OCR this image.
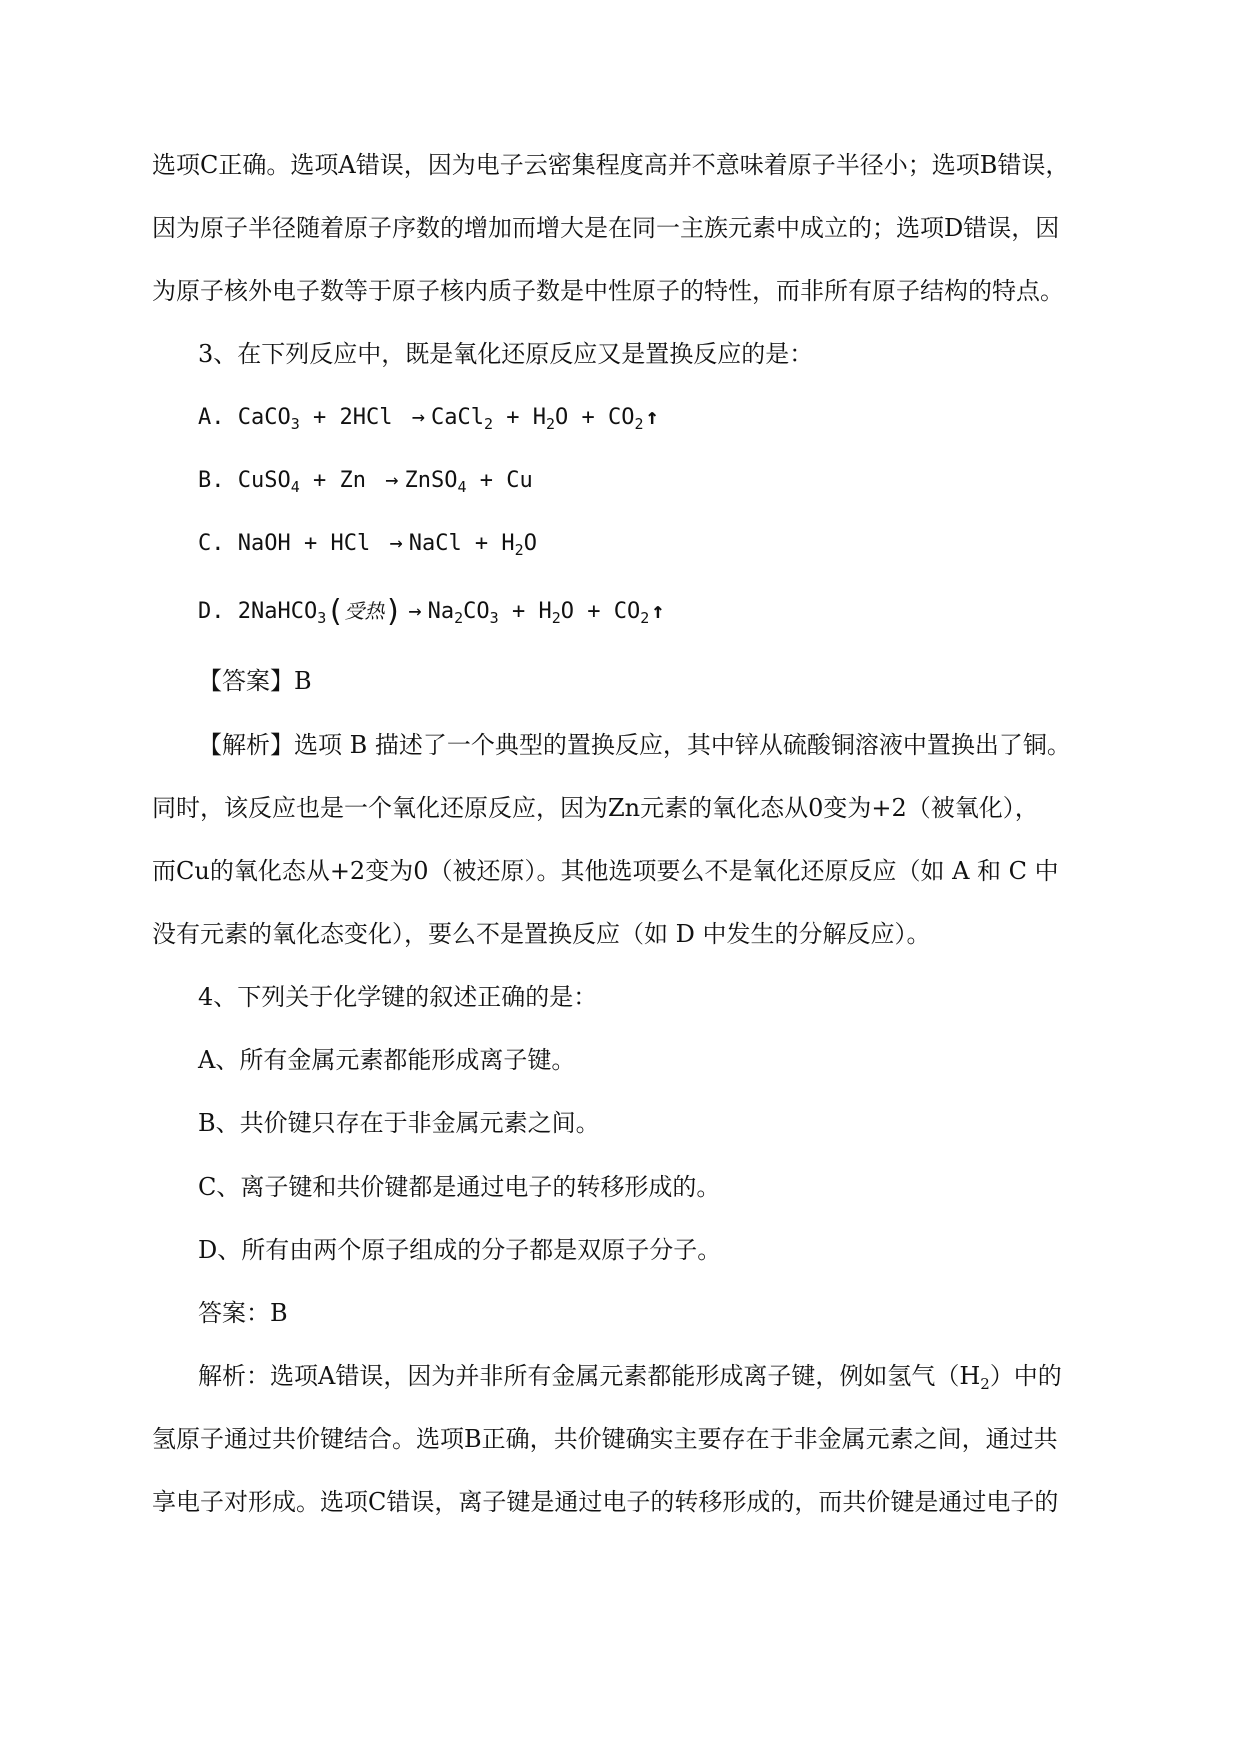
选项C正确。选项A错误，因为电子云密集程度高并不意味着原子半径小；选项B错误，
因为原子半径随着原子序数的增加而增大是在同一主族元素中成立的；选项D错误，因
为原子核外电子数等于原子核内质子数是中性原子的特性，而非所有原子结构的特点。
3、在下列反应中，既是氧化还原反应又是置换反应的是：
A. CaCO$_3$ + 2HCl → CaCl$_2$ + $H_2O$ + $CO_2↑$
B. CuSO$_4$ + Zn → ZnSO$_4$ + Cu
C. NaOH + HCl → NaCl + $H_2O$
D. 2NaHCO$_3$(受热) → $Na_2CO_3 + H_2O$ + $CO_2↑$
【答案】B
【解析】选项 B 描述了一个典型的置换反应，其中锌从硫酸铜溶液中置换出了铜。
同时，该反应也是一个氧化还原反应，因为Zn元素的氧化态从0变为+2（被氧化），
而Cu的氧化态从+2变为0（被还原）。其他选项要么不是氧化还原反应（如 A 和 C 中
没有元素的氧化态变化），要么不是置换反应（如 D 中发生的分解反应）。
4、下列关于化学键的叙述正确的是：
A、所有金属元素都能形成离子键。
B、共价键只存在于非金属元素之间。
C、离子键和共价键都是通过电子的转移形成的。
D、所有由两个原子组成的分子都是双原子分子。
答案：B
解析：选项A错误，因为并非所有金属元素都能形成离子键，例如氢气$(H_2)$中的
氢原子通过共价键结合。选项B正确，共价键确实主要存在于非金属元素之间，通过共
享电子对形成。选项C错误，离子键是通过电子的转移形成的，而共价键是通过电子的
